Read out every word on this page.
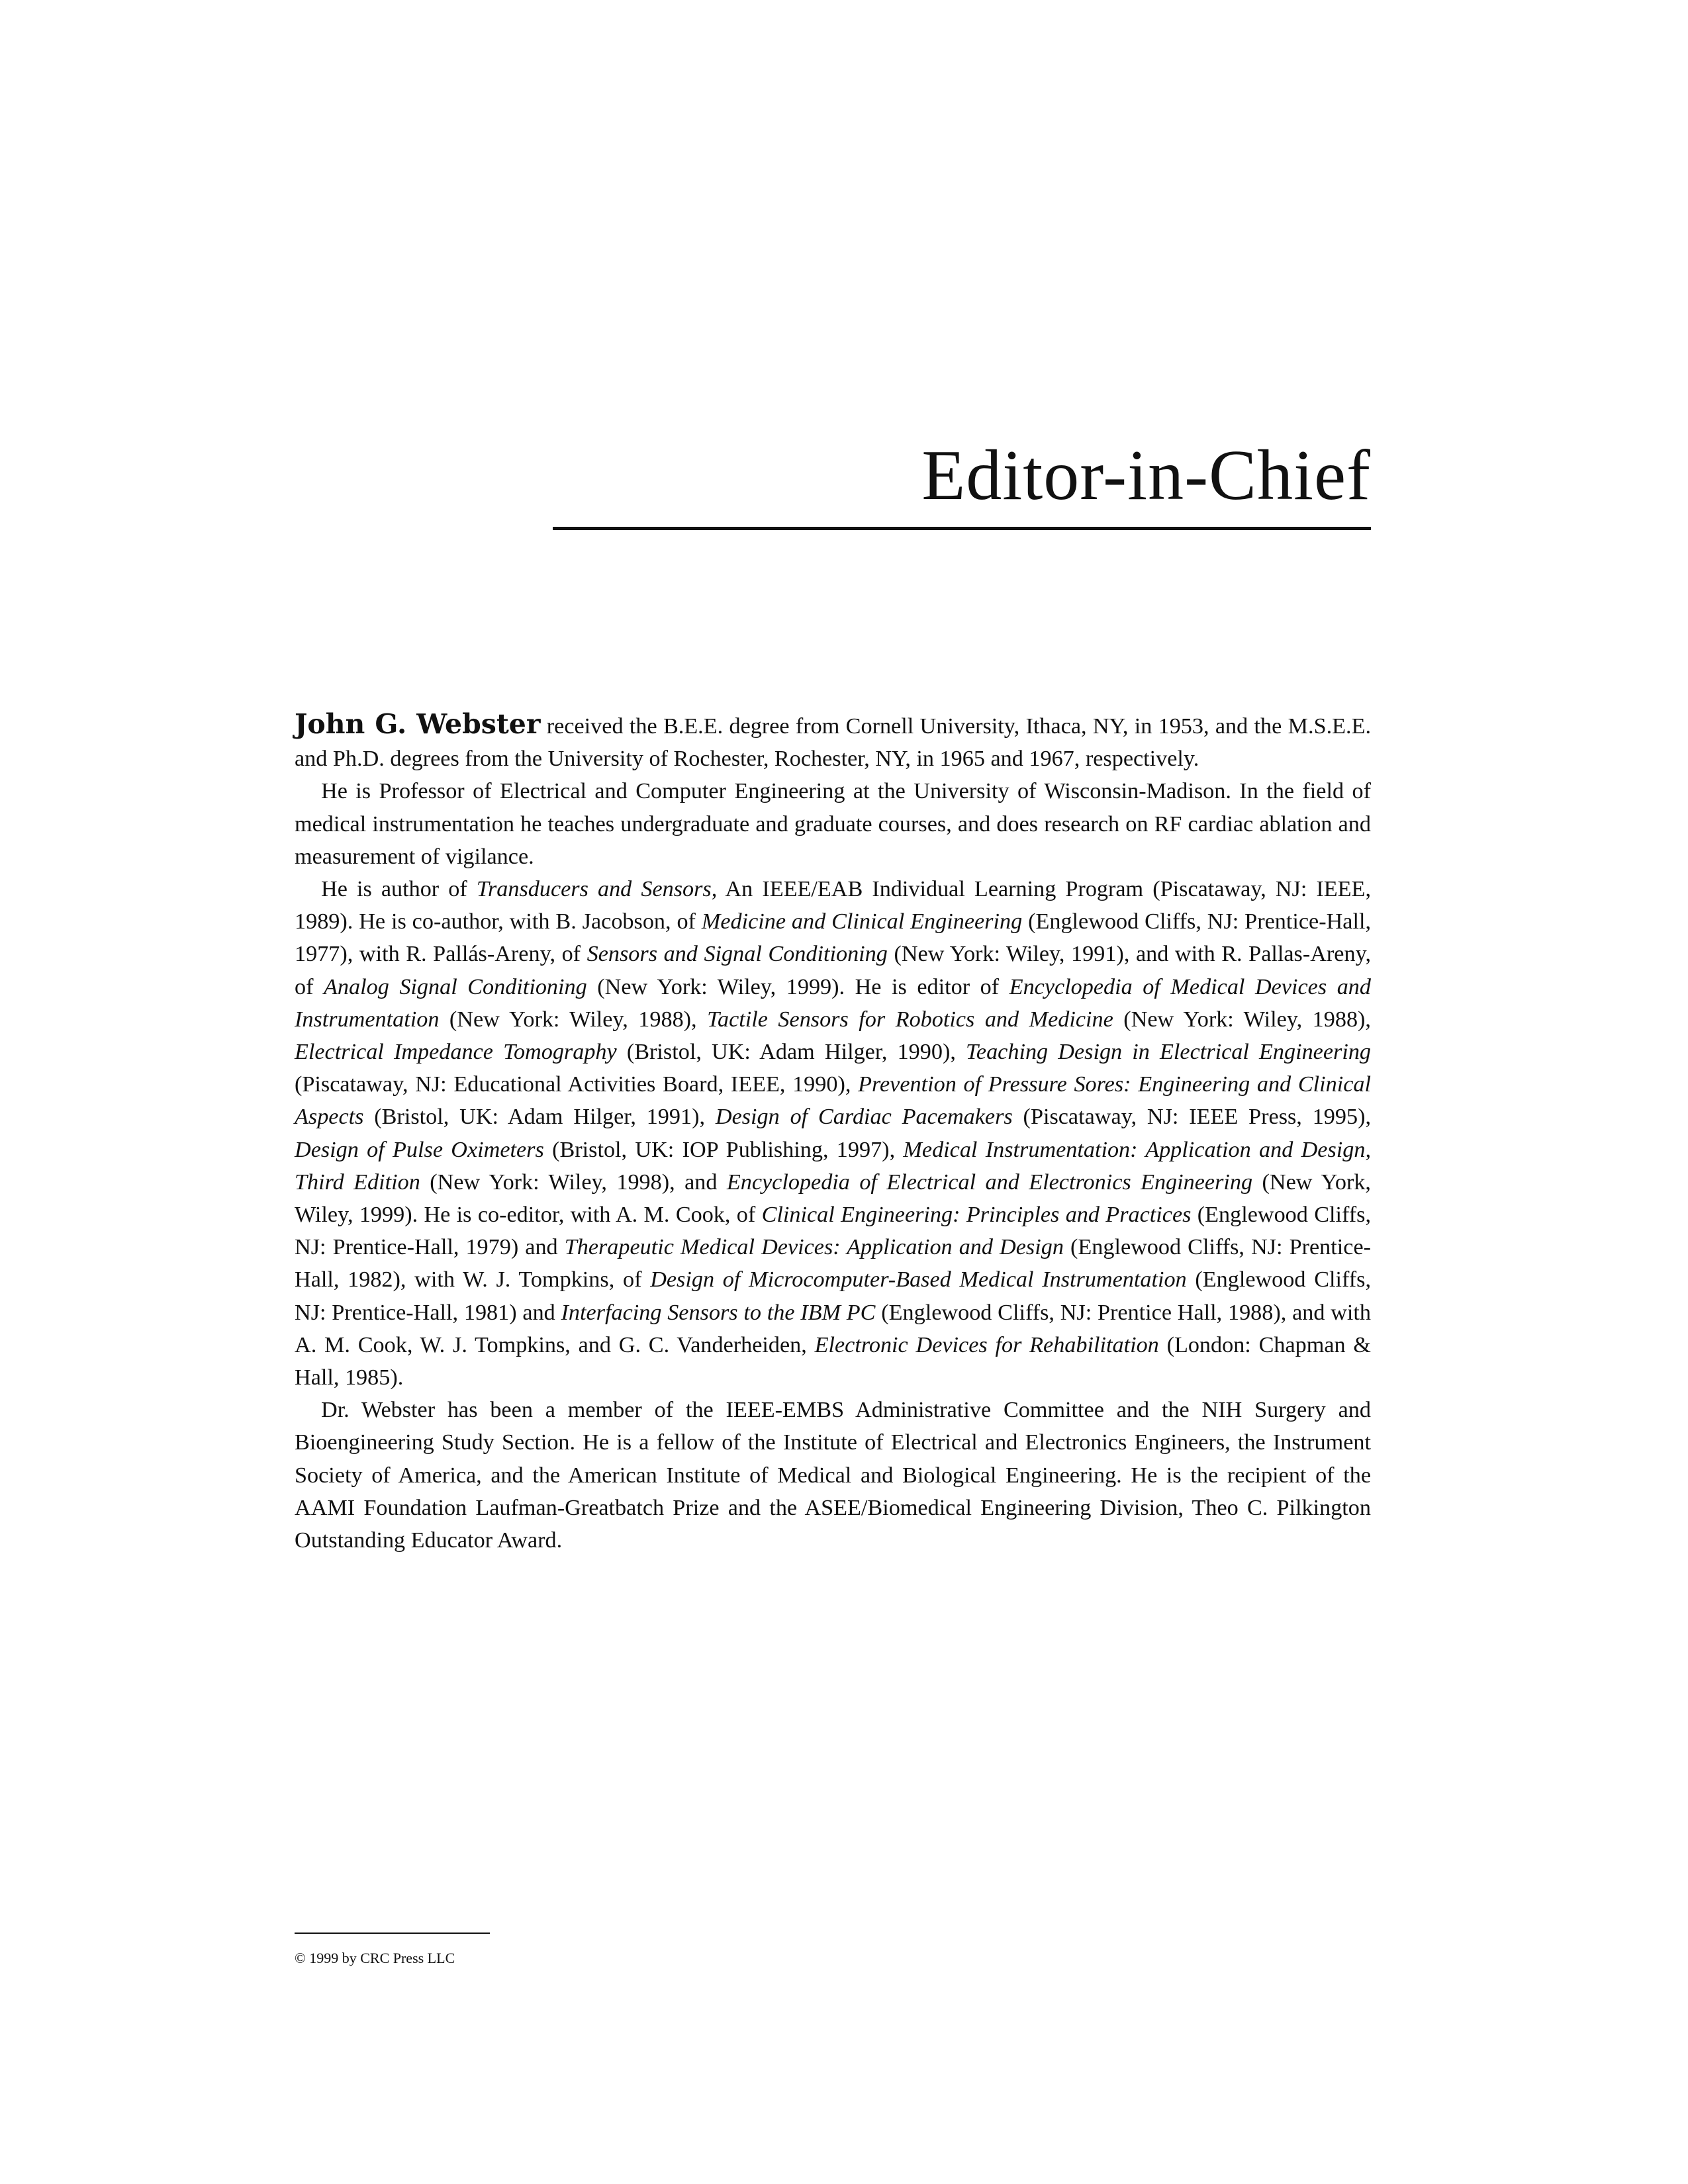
Editor-in-Chief

John G. Webster received the B.E.E. degree from Cornell University, Ithaca, NY, in 1953, and the M.S.E.E. and Ph.D. degrees from the University of Rochester, Rochester, NY, in 1965 and 1967, respectively.

He is Professor of Electrical and Computer Engineering at the University of Wisconsin-Madison. In the field of medical instrumentation he teaches undergraduate and graduate courses, and does research on RF cardiac ablation and measurement of vigilance.

He is author of Transducers and Sensors, An IEEE/EAB Individual Learning Program (Piscataway, NJ: IEEE, 1989). He is co-author, with B. Jacobson, of Medicine and Clinical Engineering (Englewood Cliffs, NJ: Prentice-Hall, 1977), with R. Pallás-Areny, of Sensors and Signal Conditioning (New York: Wiley, 1991), and with R. Pallas-Areny, of Analog Signal Conditioning (New York: Wiley, 1999). He is editor of Encyclopedia of Medical Devices and Instrumentation (New York: Wiley, 1988), Tactile Sensors for Robotics and Medicine (New York: Wiley, 1988), Electrical Impedance Tomography (Bristol, UK: Adam Hilger, 1990), Teaching Design in Electrical Engineering (Piscataway, NJ: Educational Activities Board, IEEE, 1990), Prevention of Pressure Sores: Engineering and Clinical Aspects (Bristol, UK: Adam Hilger, 1991), Design of Cardiac Pacemakers (Piscataway, NJ: IEEE Press, 1995), Design of Pulse Oximeters (Bristol, UK: IOP Publishing, 1997), Medical Instrumentation: Application and Design, Third Edition (New York: Wiley, 1998), and Encyclopedia of Electrical and Electronics Engineering (New York, Wiley, 1999). He is co-editor, with A. M. Cook, of Clinical Engineering: Principles and Practices (Englewood Cliffs, NJ: Prentice-Hall, 1979) and Therapeutic Medical Devices: Application and Design (Englewood Cliffs, NJ: Prentice-Hall, 1982), with W. J. Tompkins, of Design of Microcomputer-Based Medical Instrumentation (Englewood Cliffs, NJ: Prentice-Hall, 1981) and Interfacing Sensors to the IBM PC (Englewood Cliffs, NJ: Prentice Hall, 1988), and with A. M. Cook, W. J. Tompkins, and G. C. Vanderheiden, Electronic Devices for Rehabilitation (London: Chapman & Hall, 1985).

Dr. Webster has been a member of the IEEE-EMBS Administrative Committee and the NIH Surgery and Bioengineering Study Section. He is a fellow of the Institute of Electrical and Electronics Engineers, the Instrument Society of America, and the American Institute of Medical and Biological Engineering. He is the recipient of the AAMI Foundation Laufman-Greatbatch Prize and the ASEE/Biomedical Engineering Division, Theo C. Pilkington Outstanding Educator Award.

© 1999 by CRC Press LLC
